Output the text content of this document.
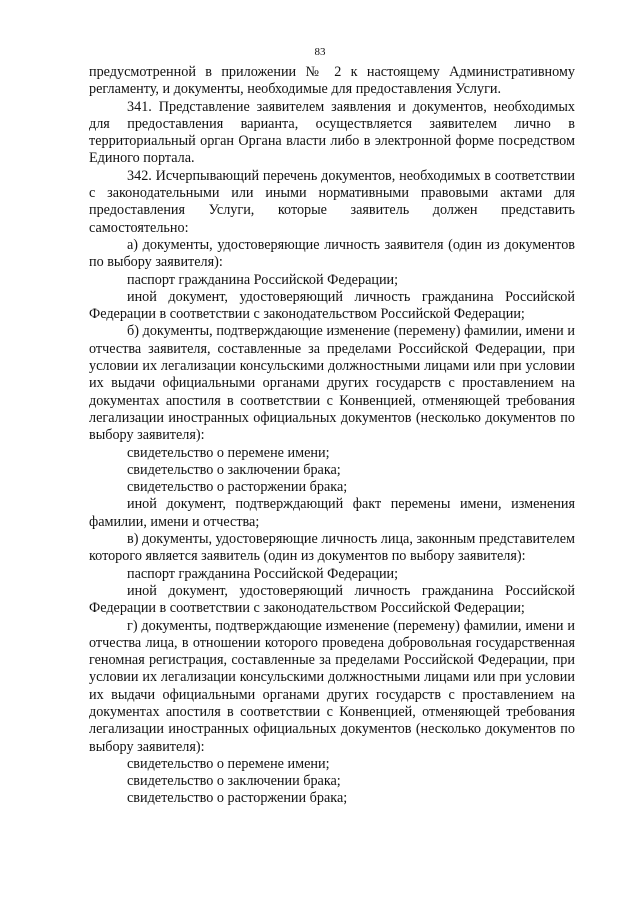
83

предусмотренной в приложении № 2 к настоящему Административному регламенту, и документы, необходимые для предоставления Услуги.

341. Представление заявителем заявления и документов, необходимых для предоставления варианта, осуществляется заявителем лично в территориальный орган Органа власти либо в электронной форме посредством Единого портала.

342. Исчерпывающий перечень документов, необходимых в соответствии с законодательными или иными нормативными правовыми актами для предоставления Услуги, которые заявитель должен представить самостоятельно:

а) документы, удостоверяющие личность заявителя (один из документов по выбору заявителя):

паспорт гражданина Российской Федерации;

иной документ, удостоверяющий личность гражданина Российской Федерации в соответствии с законодательством Российской Федерации;

б) документы, подтверждающие изменение (перемену) фамилии, имени и отчества заявителя, составленные за пределами Российской Федерации, при условии их легализации консульскими должностными лицами или при условии их выдачи официальными органами других государств с проставлением на документах апостиля в соответствии с Конвенцией, отменяющей требования легализации иностранных официальных документов (несколько документов по выбору заявителя):

свидетельство о перемене имени;

свидетельство о заключении брака;

свидетельство о расторжении брака;

иной документ, подтверждающий факт перемены имени, изменения фамилии, имени и отчества;

в) документы, удостоверяющие личность лица, законным представителем которого является заявитель (один из документов по выбору заявителя):

паспорт гражданина Российской Федерации;

иной документ, удостоверяющий личность гражданина Российской Федерации в соответствии с законодательством Российской Федерации;

г) документы, подтверждающие изменение (перемену) фамилии, имени и отчества лица, в отношении которого проведена добровольная государственная геномная регистрация, составленные за пределами Российской Федерации, при условии их легализации консульскими должностными лицами или при условии их выдачи официальными органами других государств с проставлением на документах апостиля в соответствии с Конвенцией, отменяющей требования легализации иностранных официальных документов (несколько документов по выбору заявителя):

свидетельство о перемене имени;

свидетельство о заключении брака;

свидетельство о расторжении брака;
